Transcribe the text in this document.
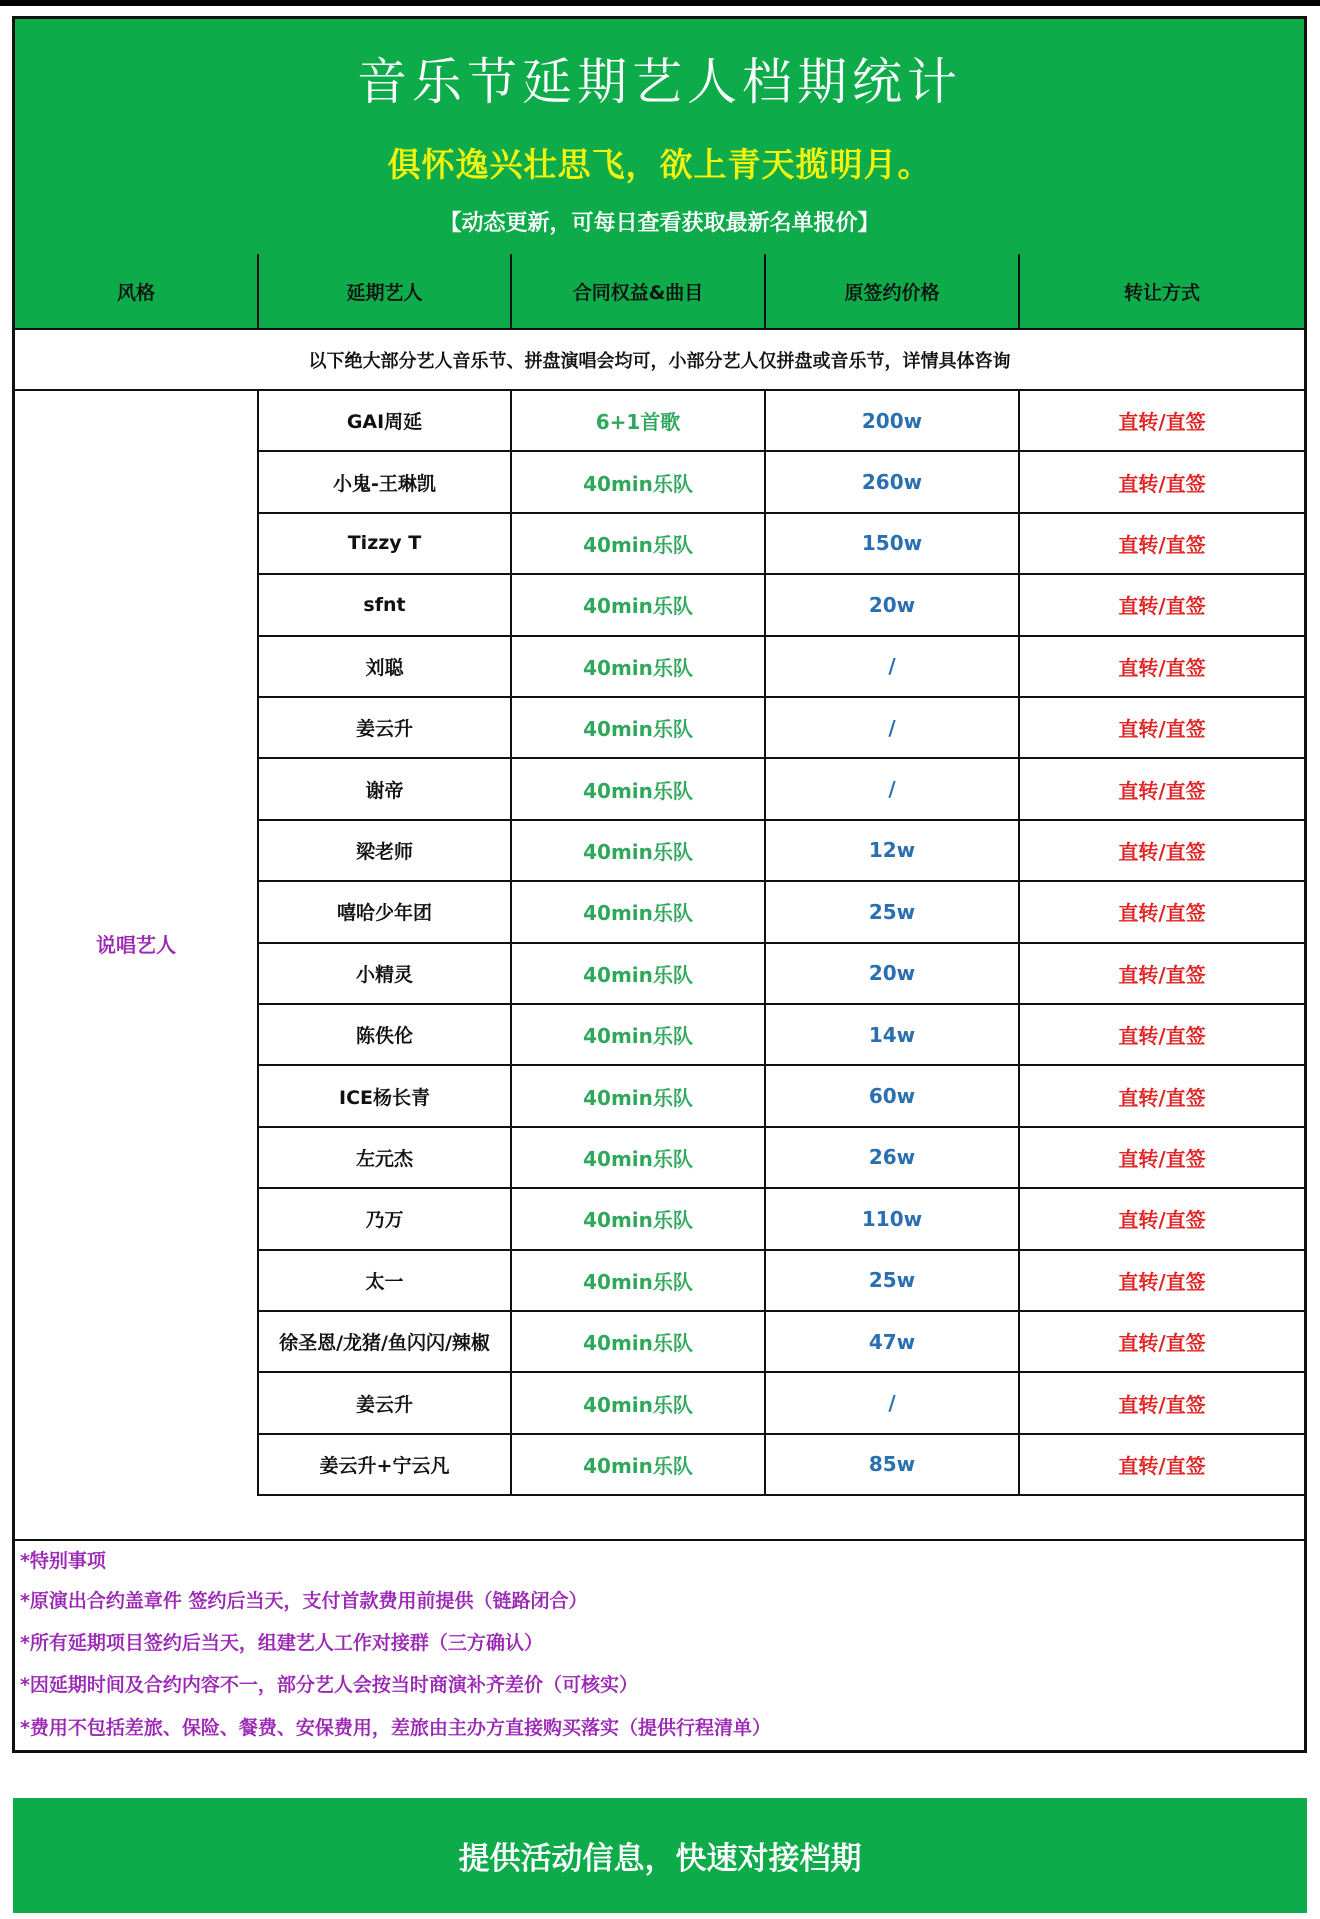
音乐节延期艺人档期统计
俱怀逸兴壮思飞，欲上青天揽明月。
【动态更新，可每日查看获取最新名单报价】
风格	延期艺人	合同权益&曲目	原签约价格	转让方式
以下绝大部分艺人音乐节、拼盘演唱会均可，小部分艺人仅拼盘或音乐节，详情具体咨询
说唱艺人
GAI周延	6+1首歌	200w	直转/直签
小鬼-王琳凯	40min乐队	260w	直转/直签
Tizzy T	40min乐队	150w	直转/直签
sfnt	40min乐队	20w	直转/直签
刘聪	40min乐队	/	直转/直签
姜云升	40min乐队	/	直转/直签
谢帝	40min乐队	/	直转/直签
梁老师	40min乐队	12w	直转/直签
嘻哈少年团	40min乐队	25w	直转/直签
小精灵	40min乐队	20w	直转/直签
陈佚伦	40min乐队	14w	直转/直签
ICE杨长青	40min乐队	60w	直转/直签
左元杰	40min乐队	26w	直转/直签
乃万	40min乐队	110w	直转/直签
太一	40min乐队	25w	直转/直签
徐圣恩/龙猪/鱼闪闪/辣椒	40min乐队	47w	直转/直签
姜云升	40min乐队	/	直转/直签
姜云升+宁云凡	40min乐队	85w	直转/直签
*特别事项
*原演出合约盖章件 签约后当天，支付首款费用前提供（链路闭合）
*所有延期项目签约后当天，组建艺人工作对接群（三方确认）
*因延期时间及合约内容不一，部分艺人会按当时商演补齐差价（可核实）
*费用不包括差旅、保险、餐费、安保费用，差旅由主办方直接购买落实（提供行程清单）
提供活动信息，快速对接档期
